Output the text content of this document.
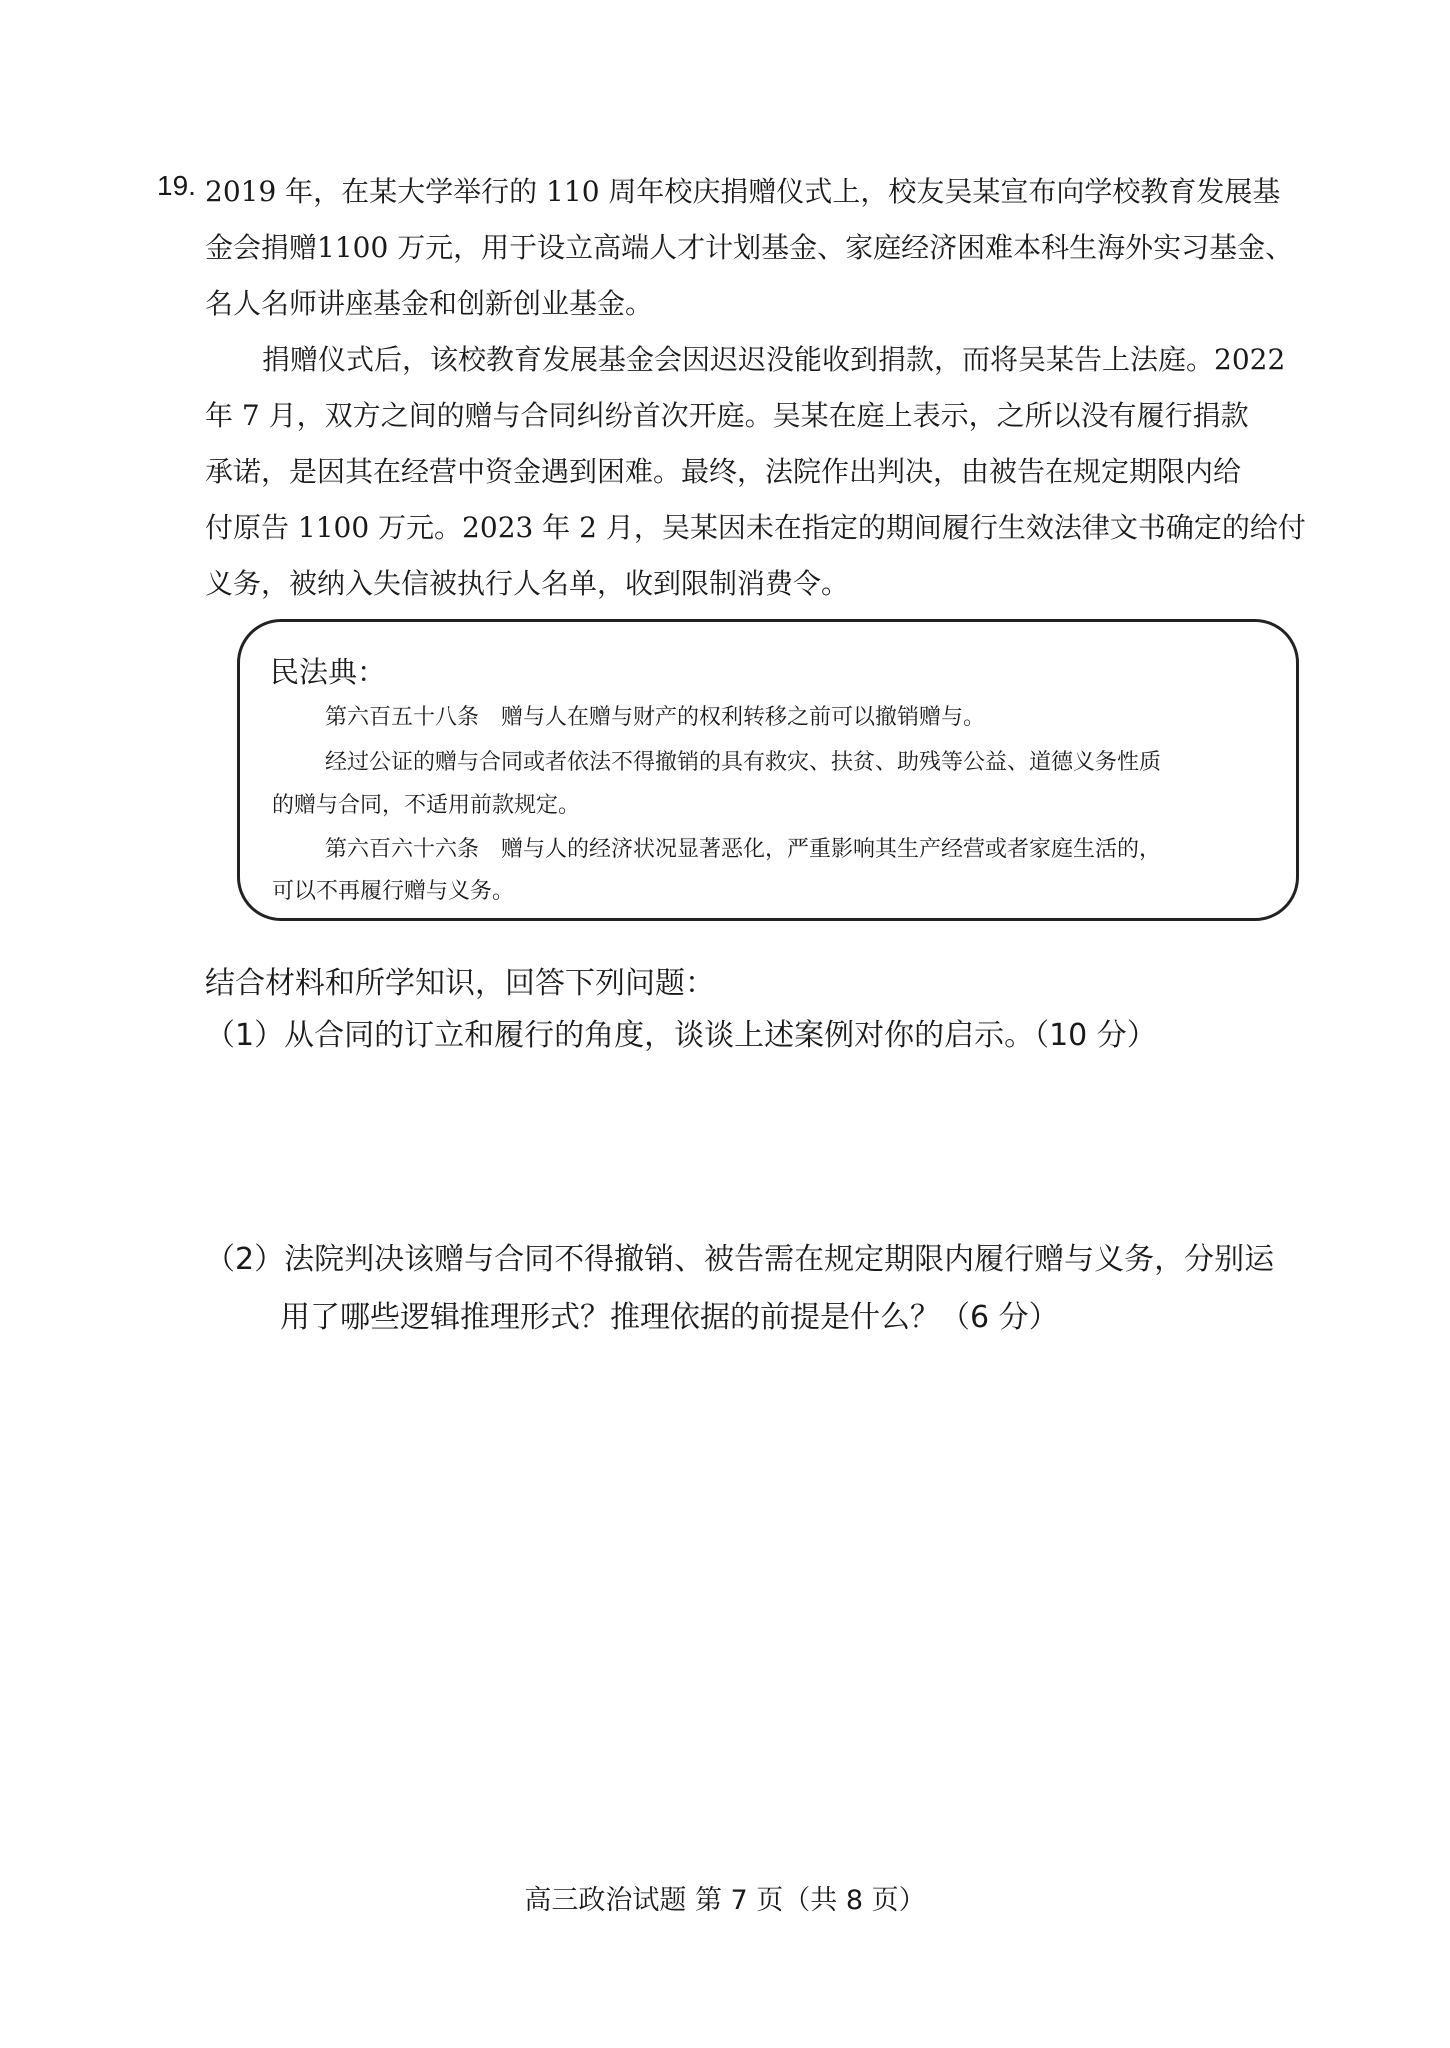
19. 2019 年，在某大学举行的 110 周年校庆捐赠仪式上，校友吴某宣布向学校教育发展基
金会捐赠1100 万元，用于设立高端人才计划基金、家庭经济困难本科生海外实习基金、
名人名师讲座基金和创新创业基金。
捐赠仪式后，该校教育发展基金会因迟迟没能收到捐款，而将吴某告上法庭。2022
年 7 月，双方之间的赠与合同纠纷首次开庭。吴某在庭上表示，之所以没有履行捐款
承诺，是因其在经营中资金遇到困难。最终，法院作出判决，由被告在规定期限内给
付原告 1100 万元。2023 年 2 月，吴某因未在指定的期间履行生效法律文书确定的给付
义务，被纳入失信被执行人名单，收到限制消费令。

民法典：

第六百五十八条　赠与人在赠与财产的权利转移之前可以撤销赠与。

经过公证的赠与合同或者依法不得撤销的具有救灾、扶贫、助残等公益、道德义务性质

的赠与合同，不适用前款规定。

第六百六十六条　赠与人的经济状况显著恶化，严重影响其生产经营或者家庭生活的，

可以不再履行赠与义务。

结合材料和所学知识，回答下列问题：

（1）从合同的订立和履行的角度，谈谈上述案例对你的启示。（10 分）

（2）法院判决该赠与合同不得撤销、被告需在规定期限内履行赠与义务，分别运

用了哪些逻辑推理形式？推理依据的前提是什么？（6 分）

高三政治试题 第 7 页（共 8 页）
